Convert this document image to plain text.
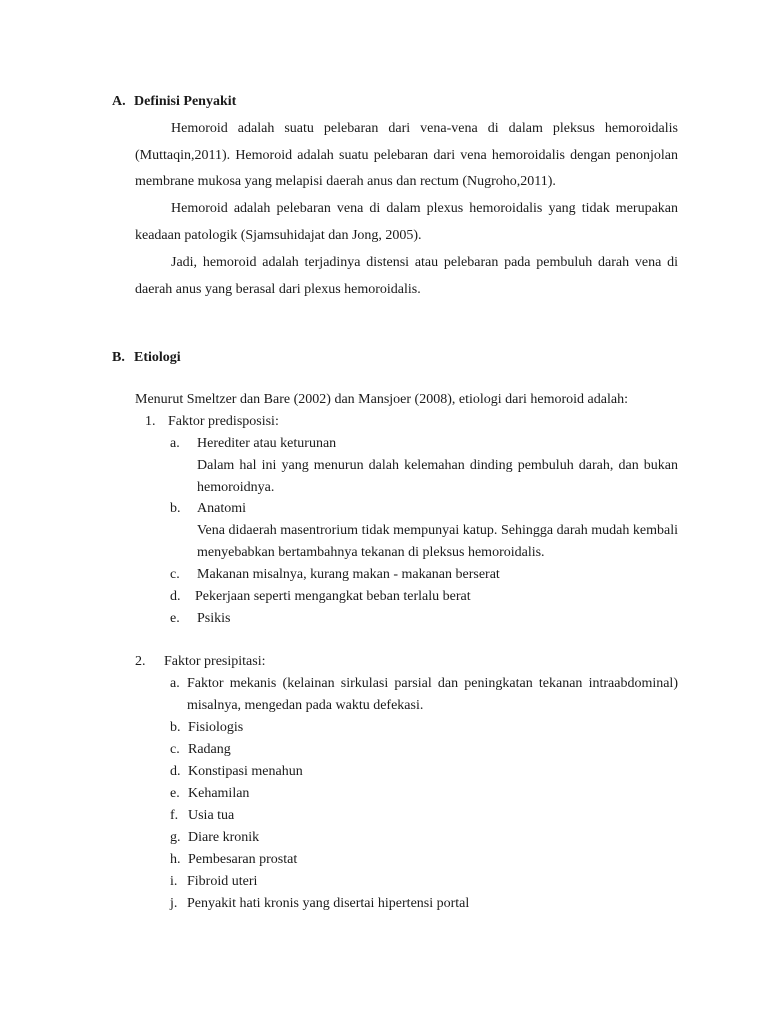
A. Definisi Penyakit

Hemoroid adalah suatu pelebaran dari vena-vena di dalam pleksus hemoroidalis (Muttaqin,2011). Hemoroid adalah suatu pelebaran dari vena hemoroidalis dengan penonjolan membrane mukosa yang melapisi daerah anus dan rectum (Nugroho,2011).

Hemoroid adalah pelebaran vena di dalam plexus hemoroidalis yang tidak merupakan keadaan patologik (Sjamsuhidajat dan Jong, 2005).

Jadi, hemoroid adalah terjadinya distensi atau pelebaran pada pembuluh darah vena di daerah anus yang berasal dari plexus hemoroidalis.

B. Etiologi
Menurut Smeltzer dan Bare (2002) dan Mansjoer (2008), etiologi dari hemoroid adalah:
1. Faktor predisposisi:
a. Herediter atau keturunan

Dalam hal ini yang menurun dalah kelemahan dinding pembuluh darah, dan bukan hemoroidnya.

b. Anatomi

Vena didaerah masentrorium tidak mempunyai katup. Sehingga darah mudah kembali menyebabkan bertambahnya tekanan di pleksus hemoroidalis.

c. Makanan misalnya, kurang makan - makanan berserat
d. Pekerjaan seperti mengangkat beban terlalu berat
e. Psikis
2. Faktor presipitasi:
a. Faktor mekanis (kelainan sirkulasi parsial dan peningkatan tekanan intraabdominal) misalnya, mengedan pada waktu defekasi.

b. Fisiologis
c. Radang
d. Konstipasi menahun
e. Kehamilan
f. Usia tua
g. Diare kronik
h. Pembesaran prostat
i. Fibroid uteri
j. Penyakit hati kronis yang disertai hipertensi portal
